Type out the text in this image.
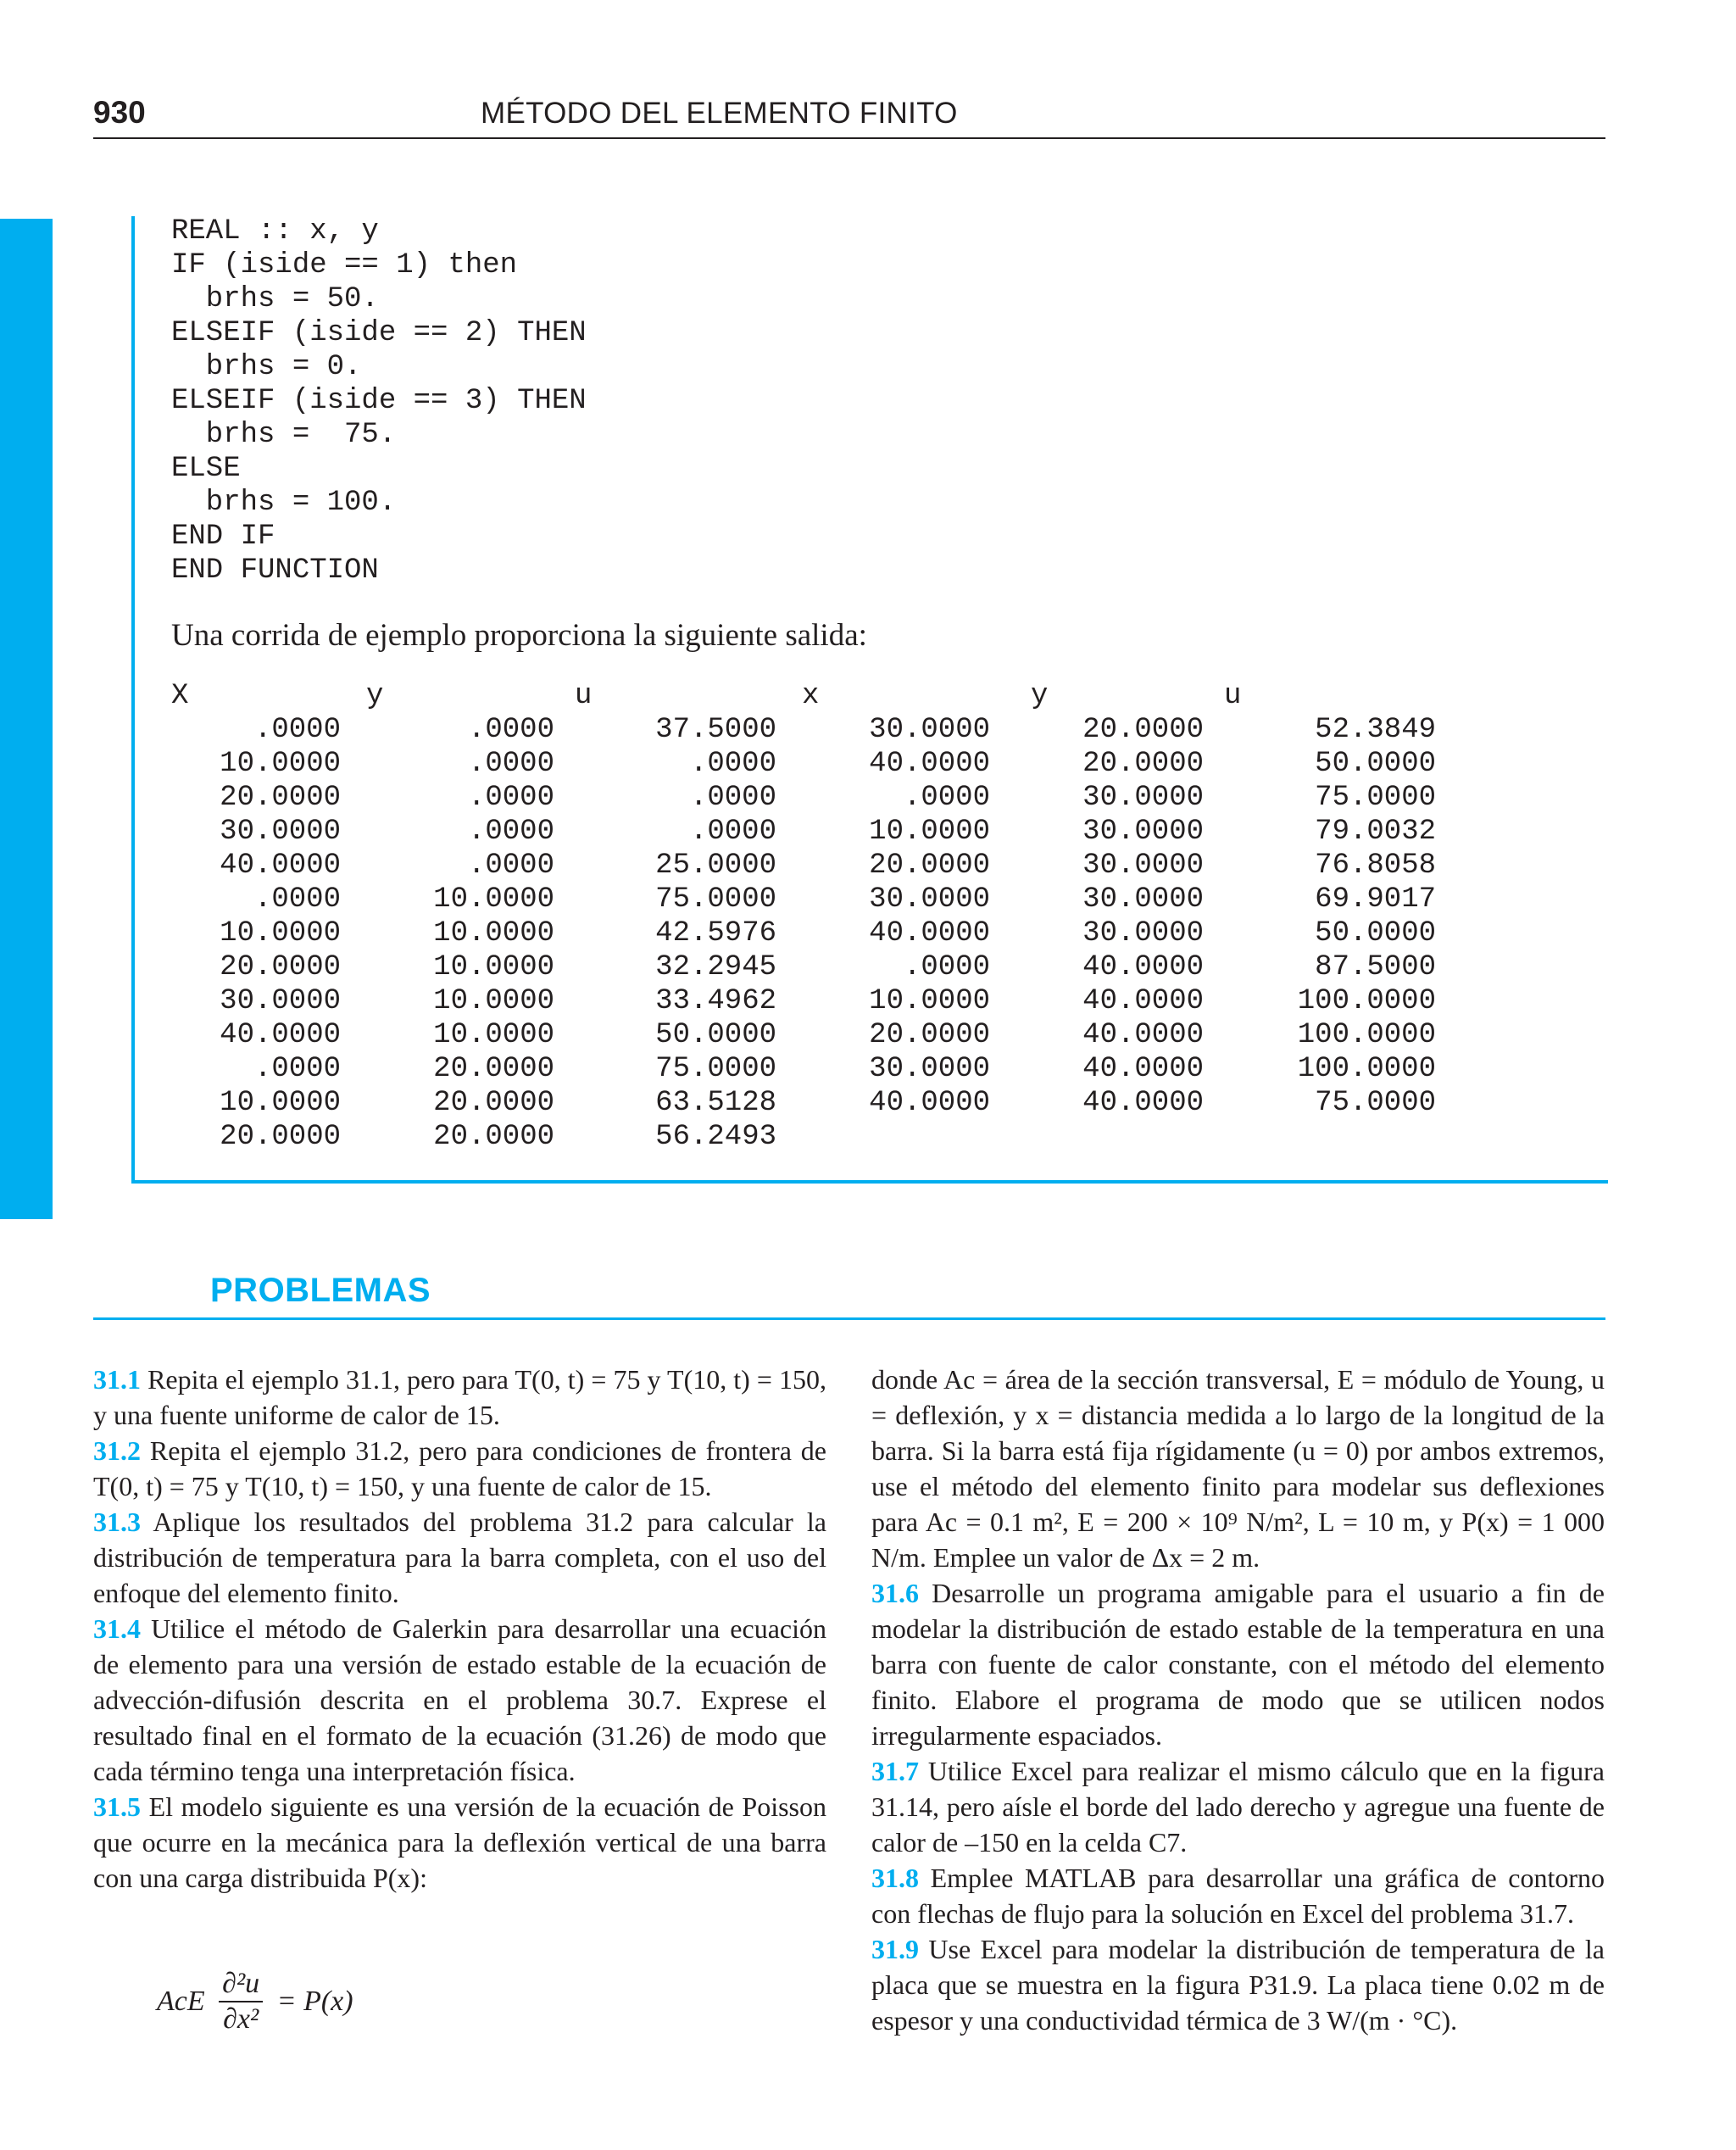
930	MÉTODO DEL ELEMENTO FINITO
REAL :: x, y
IF (iside == 1) then
brhs = 50.
ELSEIF (iside == 2) THEN
brhs = 0.
ELSEIF (iside == 3) THEN
brhs =  75.
ELSE
brhs = 100.
END IF
END FUNCTION
Una corrida de ejemplo proporciona la siguiente salida:
X	y	u	x	y	u
.0000	.0000	37.5000	30.0000	20.0000	52.3849
10.0000	.0000	.0000	40.0000	20.0000	50.0000
20.0000	.0000	.0000	.0000	30.0000	75.0000
30.0000	.0000	.0000	10.0000	30.0000	79.0032
40.0000	.0000	25.0000	20.0000	30.0000	76.8058
.0000	10.0000	75.0000	30.0000	30.0000	69.9017
10.0000	10.0000	42.5976	40.0000	30.0000	50.0000
20.0000	10.0000	32.2945	.0000	40.0000	87.5000
30.0000	10.0000	33.4962	10.0000	40.0000	100.0000
40.0000	10.0000	50.0000	20.0000	40.0000	100.0000
.0000	20.0000	75.0000	30.0000	40.0000	100.0000
10.0000	20.0000	63.5128	40.0000	40.0000	75.0000
20.0000	20.0000	56.2493			
PROBLEMAS

31.1 Repita el ejemplo 31.1, pero para T(0, t) = 75 y T(10, t) = 150, y una fuente uniforme de calor de 15.

31.2 Repita el ejemplo 31.2, pero para condiciones de frontera de T(0, t) = 75 y T(10, t) = 150, y una fuente de calor de 15.

31.3 Aplique los resultados del problema 31.2 para calcular la distribución de temperatura para la barra completa, con el uso del enfoque del elemento finito.

31.4 Utilice el método de Galerkin para desarrollar una ecuación de elemento para una versión de estado estable de la ecuación de advección-difusión descrita en el problema 30.7. Exprese el resultado final en el formato de la ecuación (31.26) de modo que cada término tenga una interpretación física.

31.5 El modelo siguiente es una versión de la ecuación de Poisson que ocurre en la mecánica para la deflexión vertical de una barra con una carga distribuida P(x):

AcE $\frac{\text{∂²u}}{\text{∂x²}} = P(x)$

donde Ac = área de la sección transversal, E = módulo de Young, u = deflexión, y x = distancia medida a lo largo de la longitud de la barra. Si la barra está fija rígidamente (u = 0) por ambos extremos, use el método del elemento finito para modelar sus deflexiones para Ac = 0.1 m², E = 200 × 10⁹ N/m², L = 10 m, y P(x) = 1 000 N/m. Emplee un valor de Δx = 2 m.

31.6 Desarrolle un programa amigable para el usuario a fin de modelar la distribución de estado estable de la temperatura en una barra con fuente de calor constante, con el método del elemento finito. Elabore el programa de modo que se utilicen nodos irregularmente espaciados.

31.7 Utilice Excel para realizar el mismo cálculo que en la figura 31.14, pero aísle el borde del lado derecho y agregue una fuente de calor de –150 en la celda C7.

31.8 Emplee MATLAB para desarrollar una gráfica de contorno con flechas de flujo para la solución en Excel del problema 31.7.

31.9 Use Excel para modelar la distribución de temperatura de la placa que se muestra en la figura P31.9. La placa tiene 0.02 m de espesor y una conductividad térmica de 3 W/(m · °C).
